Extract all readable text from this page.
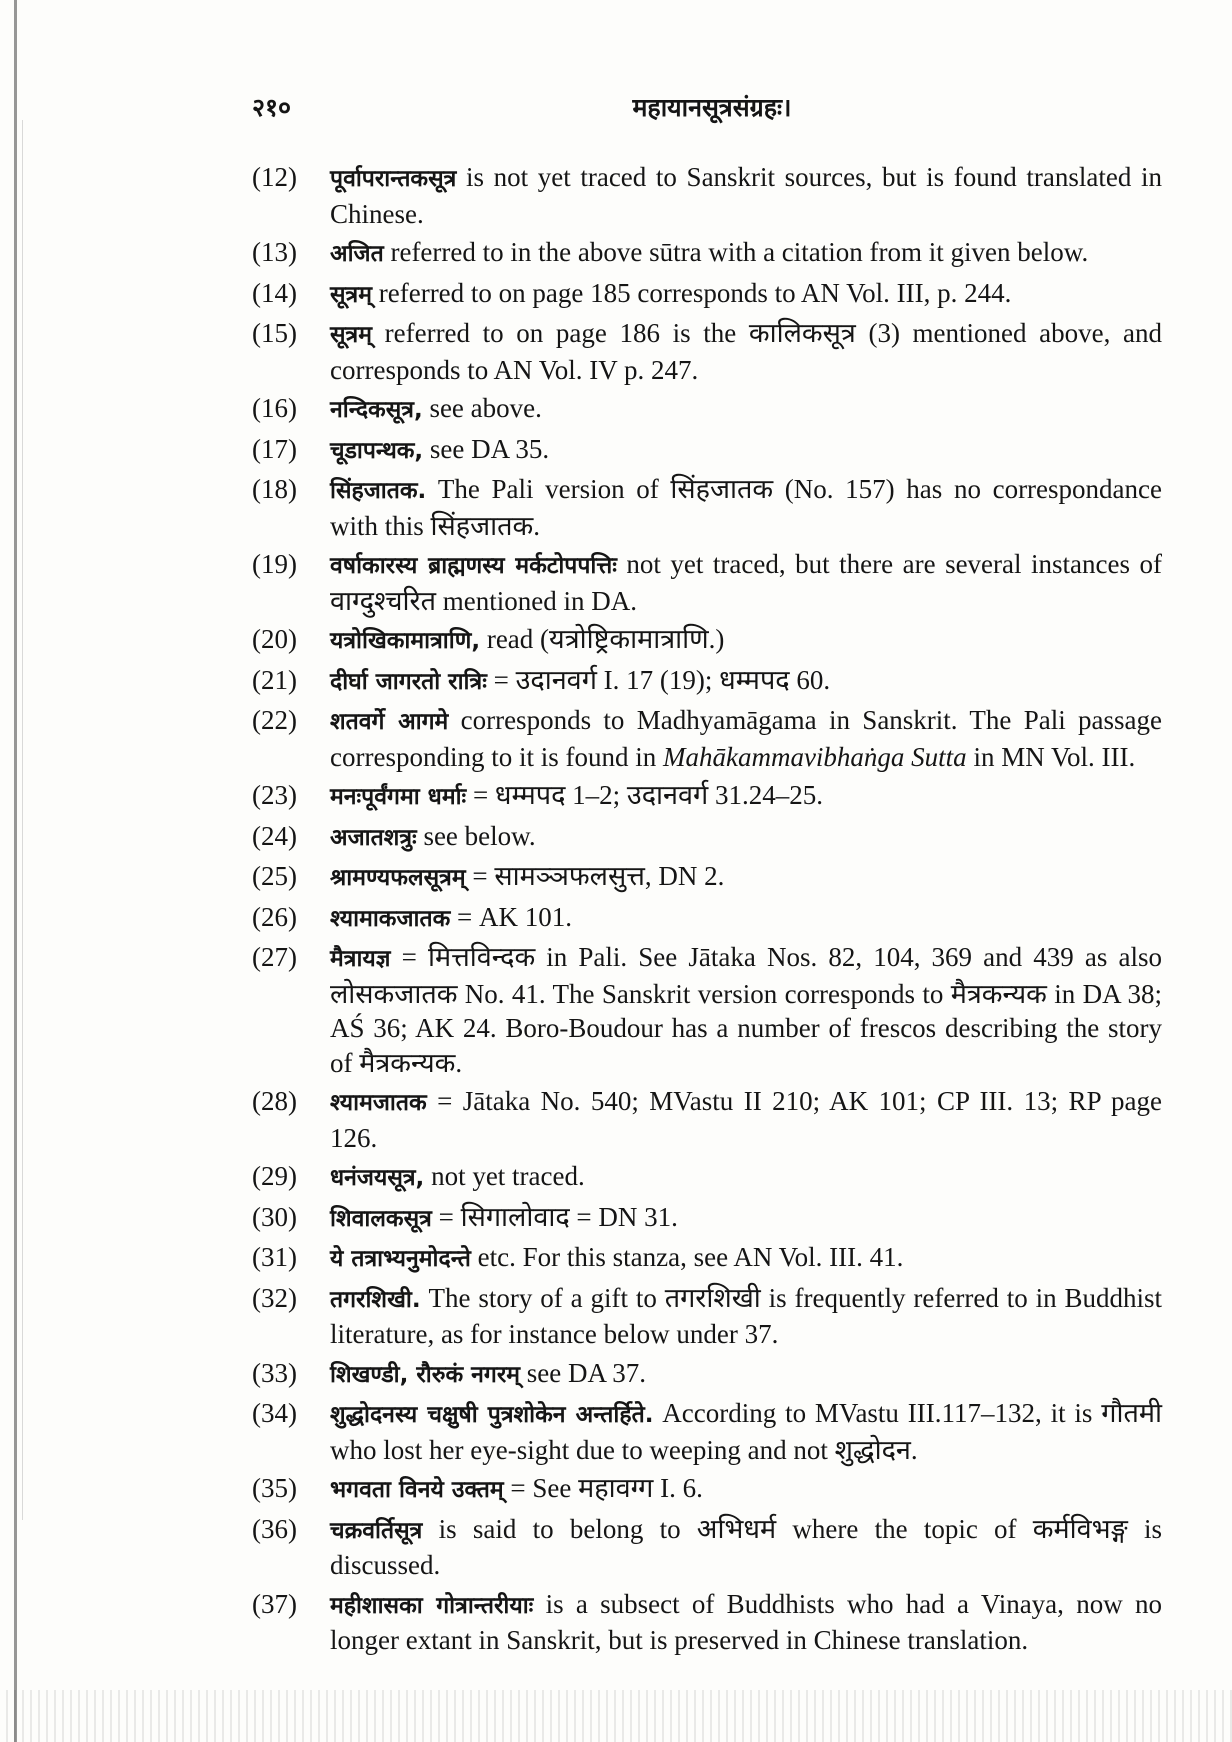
२१०	महायानसूत्रसंग्रहः।
(12)	पूर्वापरान्तकसूत्र is not yet traced to Sanskrit sources, but is found translated in Chinese.
(13)	अजित referred to in the above sūtra with a citation from it given below.
(14)	सूत्रम् referred to on page 185 corresponds to AN Vol. III, p. 244.
(15)	सूत्रम् referred to on page 186 is the कालिकसूत्र (3) mentioned above, and corresponds to AN Vol. IV p. 247.
(16)	नन्दिकसूत्र, see above.
(17)	चूडापन्थक, see DA 35.
(18)	सिंहजातक. The Pali version of सिंहजातक (No. 157) has no correspondance with this सिंहजातक.
(19)	वर्षाकारस्य ब्राह्मणस्य मर्कटोपपत्तिः not yet traced, but there are several instances of वाग्दुश्चरित mentioned in DA.
(20)	यत्रोखिकामात्राणि, read (यत्रोष्ट्रिकामात्राणि.)
(21)	दीर्घा जागरतो रात्रिः = उदानवर्ग I. 17 (19); धम्मपद 60.
(22)	शतवर्गे आगमे corresponds to Madhyamāgama in Sanskrit. The Pali passage corresponding to it is found in Mahākammavibhaṅga Sutta in MN Vol. III.
(23)	मनःपूर्वंगमा धर्माः = धम्मपद 1–2; उदानवर्ग 31.24–25.
(24)	अजातशत्रुः see below.
(25)	श्रामण्यफलसूत्रम् = सामञ्ञफलसुत्त, DN 2.
(26)	श्यामाकजातक = AK 101.
(27)	मैत्रायज्ञ = मित्तविन्दक in Pali. See Jātaka Nos. 82, 104, 369 and 439 as also लोसकजातक No. 41. The Sanskrit version corresponds to मैत्रकन्यक in DA 38; AŚ 36; AK 24. Boro-Boudour has a number of frescos describing the story of मैत्रकन्यक.
(28)	श्यामजातक = Jātaka No. 540; MVastu II 210; AK 101; CP III. 13; RP page 126.
(29)	धनंजयसूत्र, not yet traced.
(30)	शिवालकसूत्र = सिगालोवाद = DN 31.
(31)	ये तत्राभ्यनुमोदन्ते etc. For this stanza, see AN Vol. III. 41.
(32)	तगरशिखी. The story of a gift to तगरशिखी is frequently referred to in Buddhist literature, as for instance below under 37.
(33)	शिखण्डी, रौरुकं नगरम् see DA 37.
(34)	शुद्धोदनस्य चक्षुषी पुत्रशोकेन अन्तर्हिते. According to MVastu III.117–132, it is गौतमी who lost her eye-sight due to weeping and not शुद्धोदन.
(35)	भगवता विनये उक्तम् = See महावग्ग I. 6.
(36)	चक्रवर्तिसूत्र is said to belong to अभिधर्म where the topic of कर्मविभङ्ग is discussed.
(37)	महीशासका गोत्रान्तरीयाः is a subsect of Buddhists who had a Vinaya, now no longer extant in Sanskrit, but is preserved in Chinese translation.
